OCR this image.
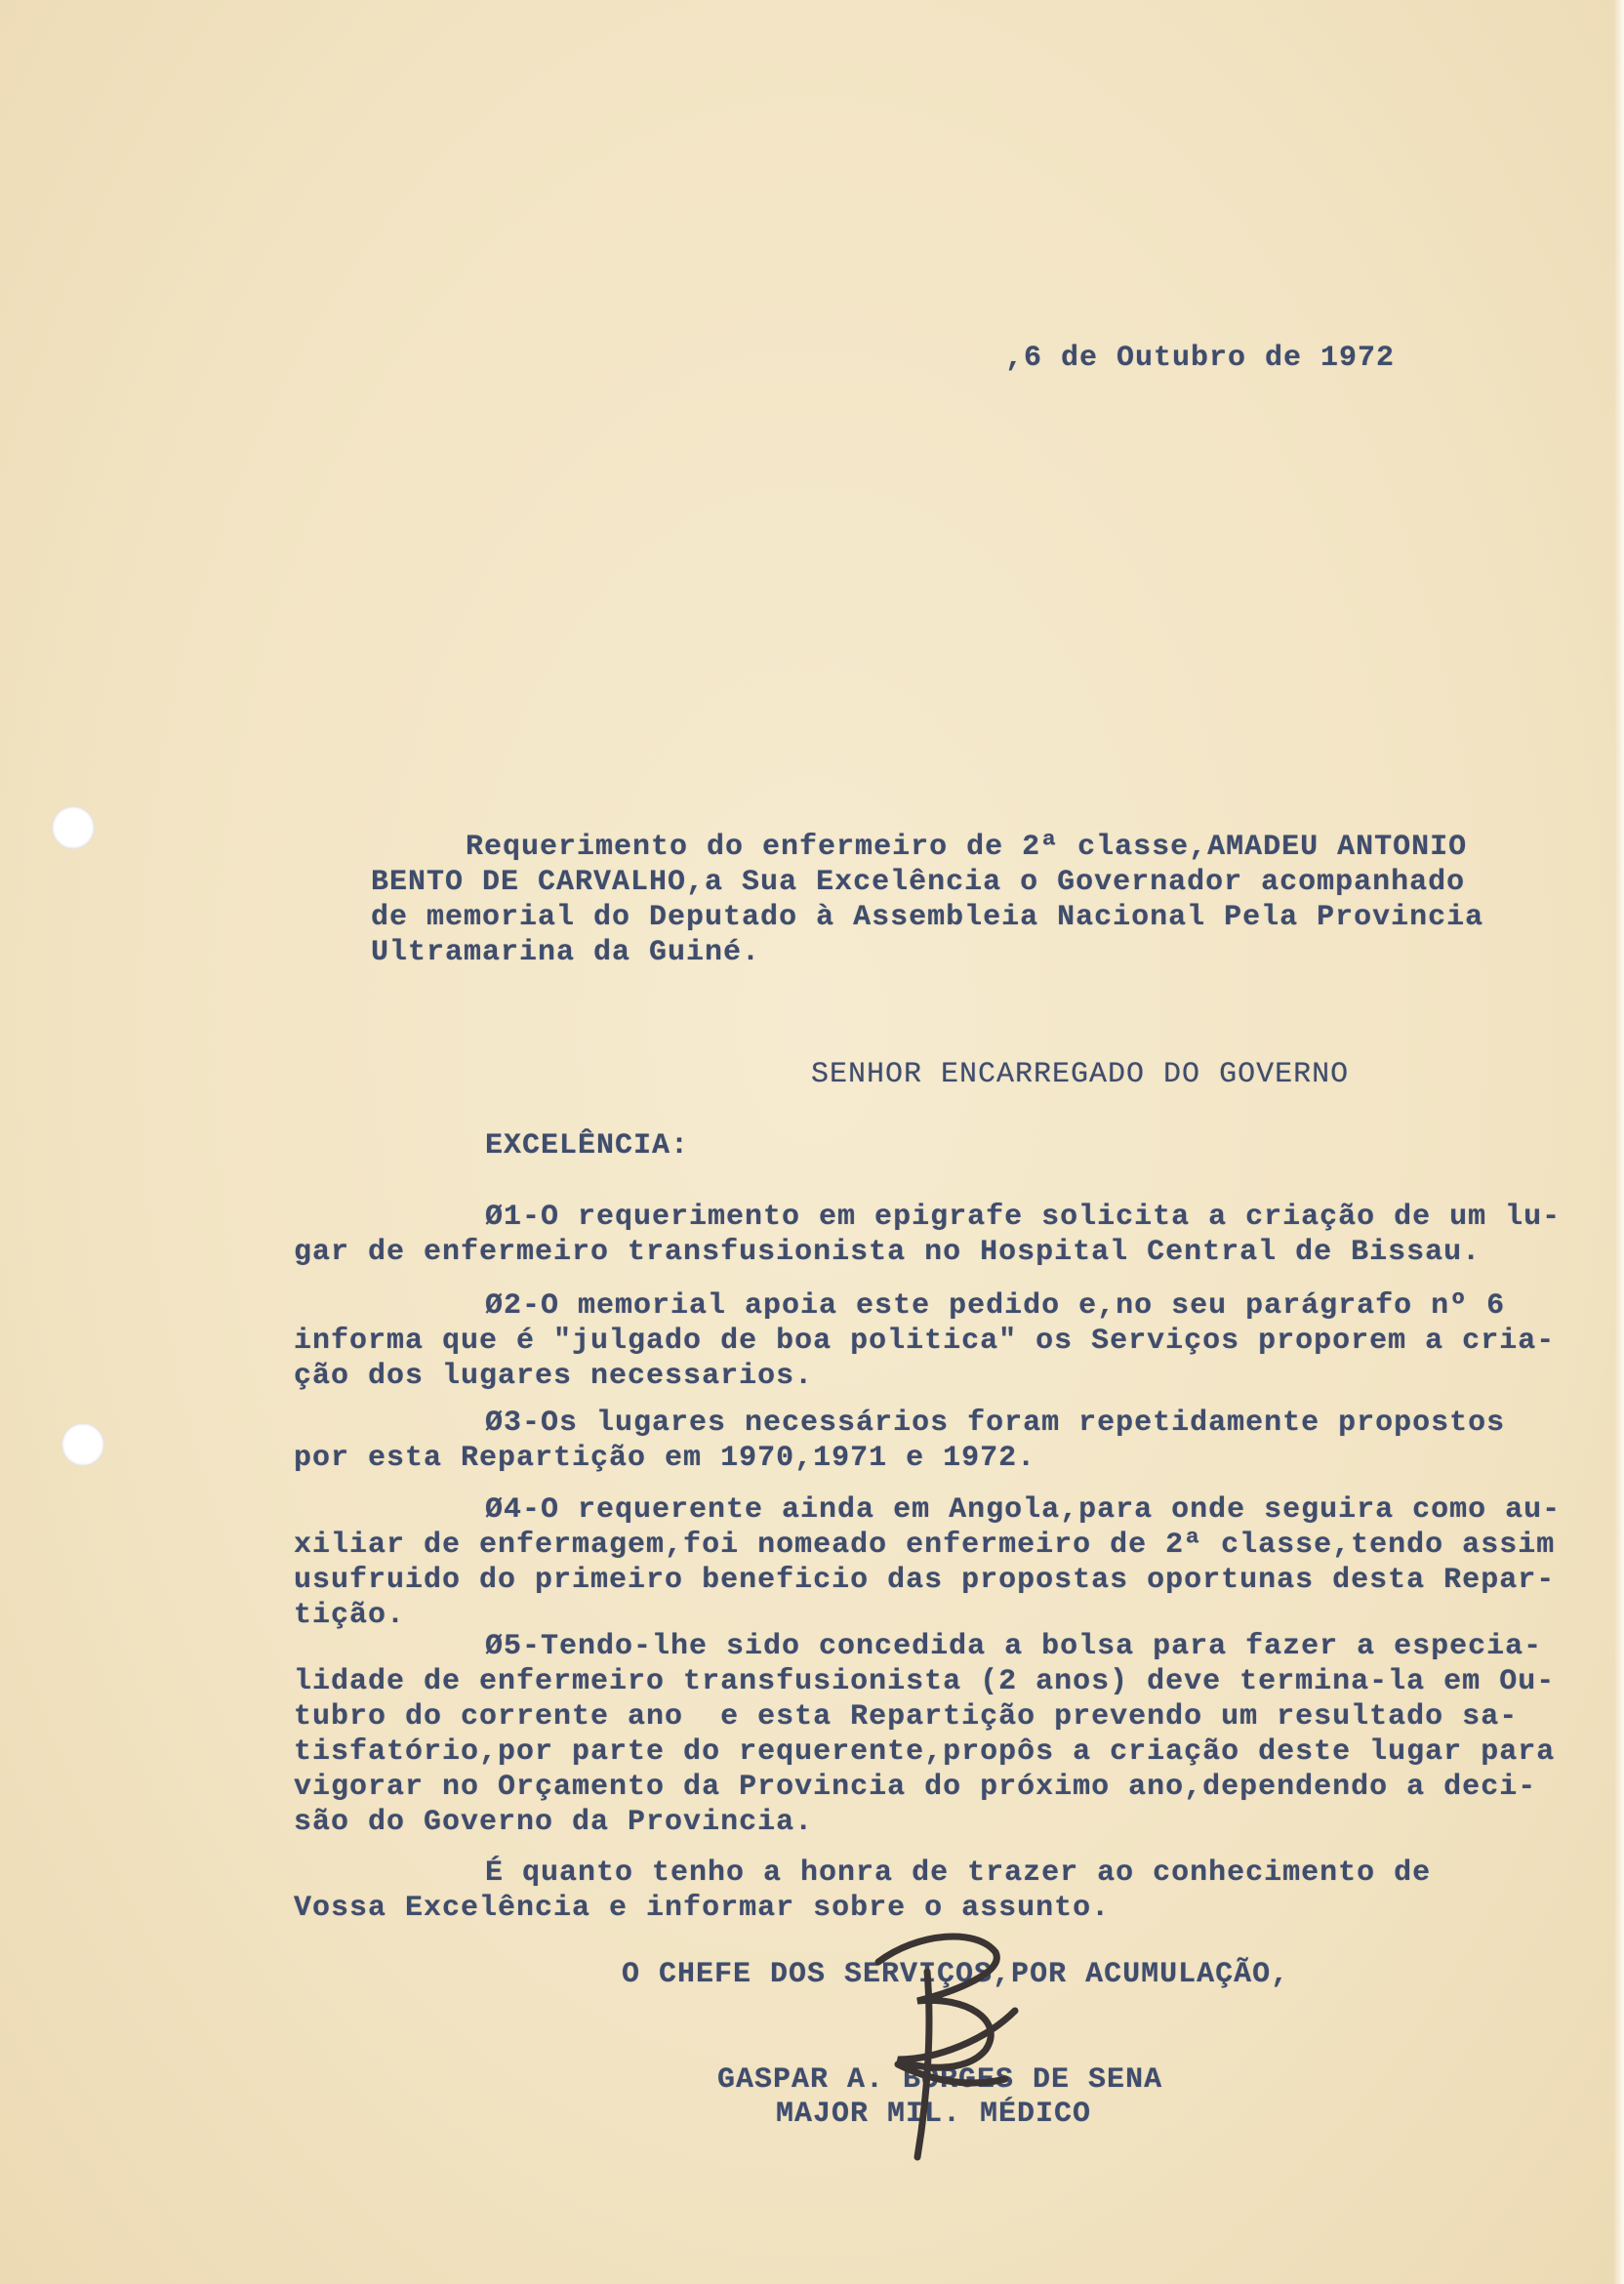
,6 de Outubro de 1972
Requerimento do enfermeiro de 2ª classe,AMADEU ANTONIO
BENTO DE CARVALHO,a Sua Excelência o Governador acompanhado
de memorial do Deputado à Assembleia Nacional Pela Provincia
Ultramarina da Guiné.
SENHOR ENCARREGADO DO GOVERNO
EXCELÊNCIA:
Ø1-O requerimento em epigrafe solicita a criação de um lu-
gar de enfermeiro transfusionista no Hospital Central de Bissau.
Ø2-O memorial apoia este pedido e,no seu parágrafo nº 6
informa que é "julgado de boa politica" os Serviços proporem a cria-
ção dos lugares necessarios.
Ø3-Os lugares necessários foram repetidamente propostos
por esta Repartição em 1970,1971 e 1972.
Ø4-O requerente ainda em Angola,para onde seguira como au-
xiliar de enfermagem,foi nomeado enfermeiro de 2ª classe,tendo assim
usufruido do primeiro beneficio das propostas oportunas desta Repar-
tição.
Ø5-Tendo-lhe sido concedida a bolsa para fazer a especia-
lidade de enfermeiro transfusionista (2 anos) deve termina-la em Ou-
tubro do corrente ano  e esta Repartição prevendo um resultado sa-
tisfatório,por parte do requerente,propôs a criação deste lugar para
vigorar no Orçamento da Provincia do próximo ano,dependendo a deci-
são do Governo da Provincia.
É quanto tenho a honra de trazer ao conhecimento de
Vossa Excelência e informar sobre o assunto.
O CHEFE DOS SERVIÇOS,POR ACUMULAÇÃO,
GASPAR A. BORGES DE SENA
MAJOR MIL. MÉDICO
